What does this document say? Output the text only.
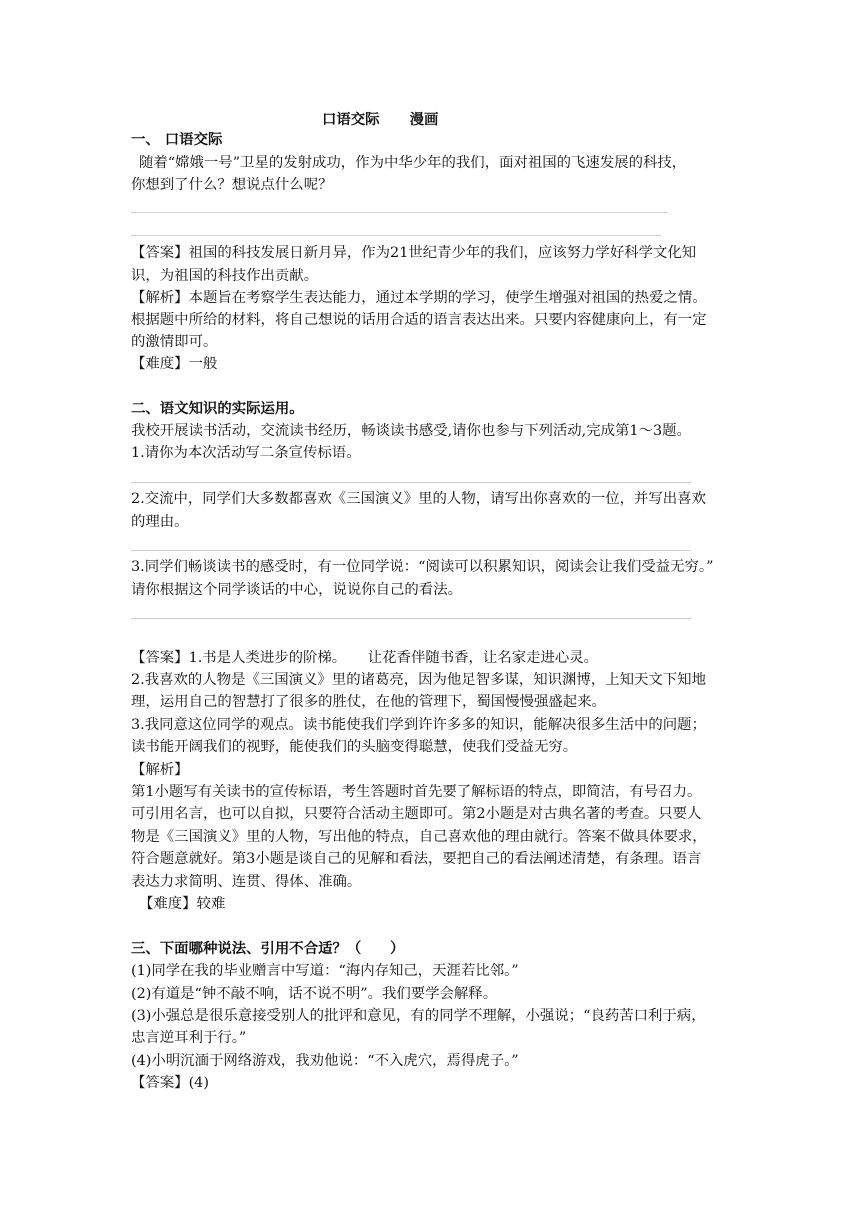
口语交际 漫画
一、 口语交际
随着“嫦娥一号”卫星的发射成功，作为中华少年的我们，面对祖国的飞速发展的科技，
你想到了什么？想说点什么呢？
【答案】祖国的科技发展日新月异，作为21世纪青少年的我们，应该努力学好科学文化知
识，为祖国的科技作出贡献。
【解析】本题旨在考察学生表达能力，通过本学期的学习，使学生增强对祖国的热爱之情。
根据题中所给的材料，将自己想说的话用合适的语言表达出来。只要内容健康向上，有一定
的激情即可。
【难度】一般
二、语文知识的实际运用。
我校开展读书活动，交流读书经历，畅谈读书感受,请你也参与下列活动,完成第1～3题。
1.请你为本次活动写二条宣传标语。
2.交流中，同学们大多数都喜欢《三国演义》里的人物，请写出你喜欢的一位，并写出喜欢
的理由。
3.同学们畅谈读书的感受时，有一位同学说：“阅读可以积累知识，阅读会让我们受益无穷。”
请你根据这个同学谈话的中心，说说你自己的看法。
【答案】1.书是人类进步的阶梯。　　让花香伴随书香，让名家走进心灵。
2.我喜欢的人物是《三国演义》里的诸葛亮，因为他足智多谋，知识渊博，上知天文下知地
理，运用自己的智慧打了很多的胜仗，在他的管理下，蜀国慢慢强盛起来。
3.我同意这位同学的观点。读书能使我们学到许许多多的知识，能解决很多生活中的问题；
读书能开阔我们的视野，能使我们的头脑变得聪慧，使我们受益无穷。
【解析】
第1小题写有关读书的宣传标语，考生答题时首先要了解标语的特点，即简洁，有号召力。
可引用名言，也可以自拟，只要符合活动主题即可。第2小题是对古典名著的考查。只要人
物是《三国演义》里的人物，写出他的特点，自己喜欢他的理由就行。答案不做具体要求，
符合题意就好。第3小题是谈自己的见解和看法，要把自己的看法阐述清楚，有条理。语言
表达力求简明、连贯、得体、准确。
【难度】较难
三、下面哪种说法、引用不合适？（　　）
(1)同学在我的毕业赠言中写道：“海内存知己，天涯若比邻。”
(2)有道是“钟不敲不响，话不说不明”。我们要学会解释。
(3)小强总是很乐意接受别人的批评和意见，有的同学不理解，小强说；“良药苦口利于病，
忠言逆耳利于行。”
(4)小明沉湎于网络游戏，我劝他说：“不入虎穴，焉得虎子。”
【答案】(4)
